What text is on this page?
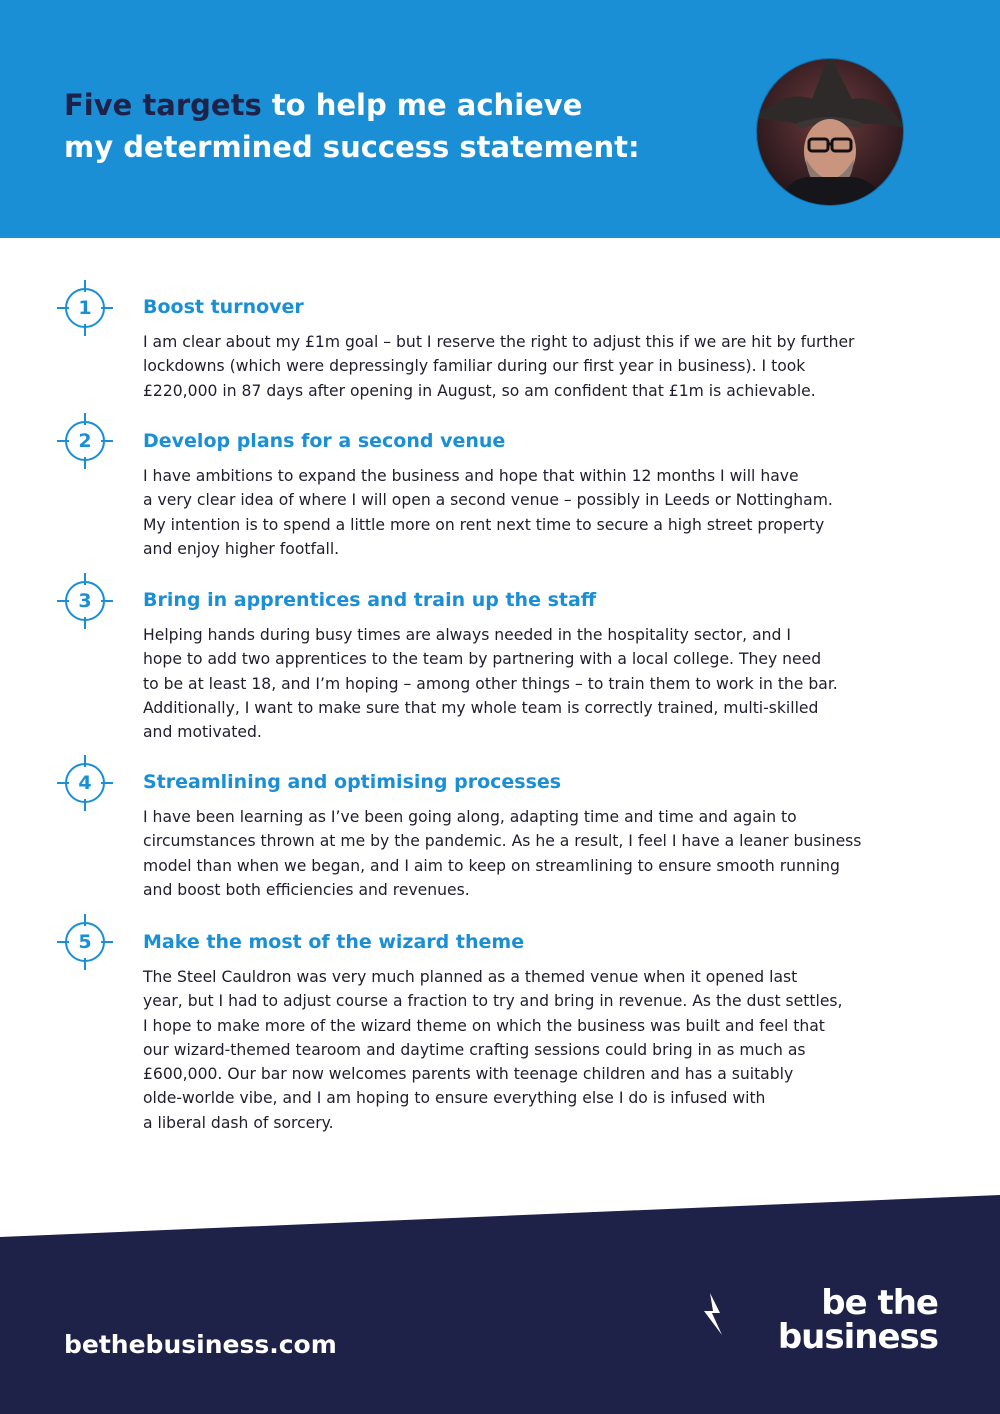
Five targets to help me achieve
my determined success statement:
1	Boost turnover

I am clear about my £1m goal – but I reserve the right to adjust this if we are hit by further
lockdowns (which were depressingly familiar during our first year in business). I took
£220,000 in 87 days after opening in August, so am confident that £1m is achievable.

2	Develop plans for a second venue

I have ambitions to expand the business and hope that within 12 months I will have
a very clear idea of where I will open a second venue – possibly in Leeds or Nottingham.
My intention is to spend a little more on rent next time to secure a high street property
and enjoy higher footfall.

3	Bring in apprentices and train up the staff

Helping hands during busy times are always needed in the hospitality sector, and I
hope to add two apprentices to the team by partnering with a local college. They need
to be at least 18, and I’m hoping – among other things – to train them to work in the bar.
Additionally, I want to make sure that my whole team is correctly trained, multi-skilled
and motivated.

4	Streamlining and optimising processes

I have been learning as I’ve been going along, adapting time and time and again to
circumstances thrown at me by the pandemic. As he a result, I feel I have a leaner business
model than when we began, and I aim to keep on streamlining to ensure smooth running
and boost both efficiencies and revenues.

5	Make the most of the wizard theme

The Steel Cauldron was very much planned as a themed venue when it opened last
year, but I had to adjust course a fraction to try and bring in revenue. As the dust settles,
I hope to make more of the wizard theme on which the business was built and feel that
our wizard-themed tearoom and daytime crafting sessions could bring in as much as
£600,000. Our bar now welcomes parents with teenage children and has a suitably
olde-worlde vibe, and I am hoping to ensure everything else I do is infused with
a liberal dash of sorcery.

bethebusiness.com

be the

business
